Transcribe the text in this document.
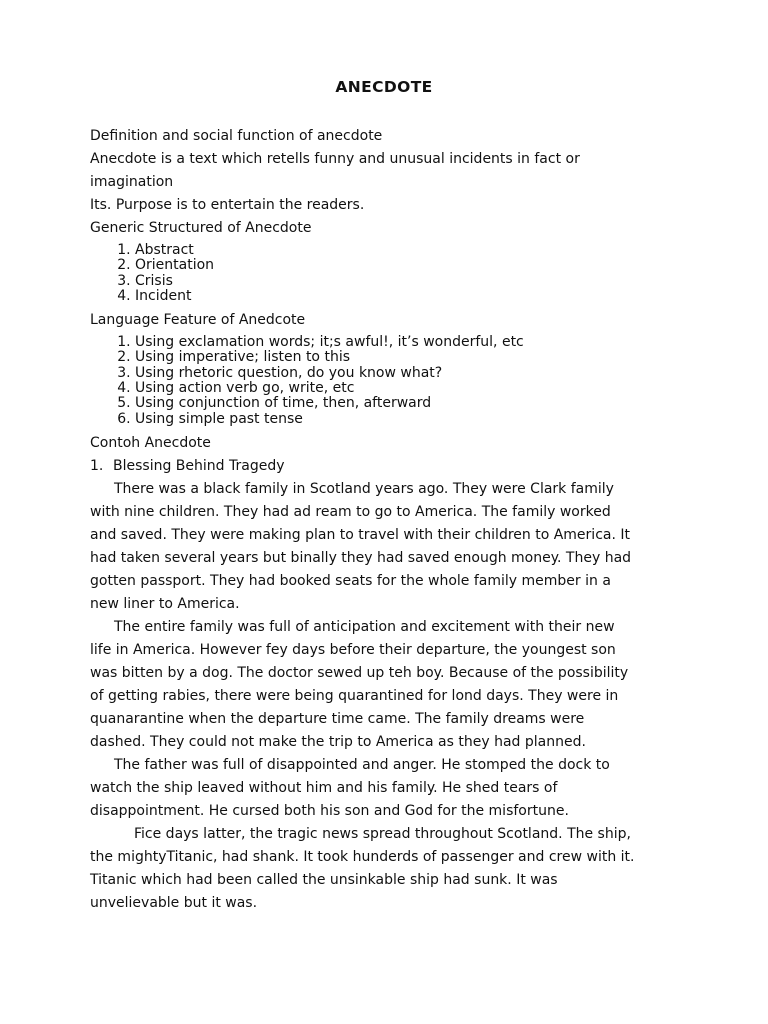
ANECDOTE
Definition and social function of anecdote
Anecdote is a text which retells funny and unusual incidents in fact or
imagination
Its. Purpose is to entertain the readers.
Generic Structured of Anecdote
1. Abstract
2. Orientation
3. Crisis
4. Incident
Language Feature of Anedcote
1. Using exclamation words; it;s awful!, it’s wonderful, etc
2. Using imperative; listen to this
3. Using rhetoric question, do you know what?
4. Using action verb go, write, etc
5. Using conjunction of time, then, afterward
6. Using simple past tense
Contoh Anecdote
1. Blessing Behind Tragedy
There was a black family in Scotland years ago. They were Clark family
with nine children. They had ad ream to go to America. The family worked
and saved. They were making plan to travel with their children to America. It
had taken several years but binally they had saved enough money. They had
gotten passport. They had booked seats for the whole family member in a
new liner to America.
The entire family was full of anticipation and excitement with their new
life in America. However fey days before their departure, the youngest son
was bitten by a dog. The doctor sewed up teh boy. Because of the possibility
of getting rabies, there were being quarantined for lond days. They were in
quanarantine when the departure time came. The family dreams were
dashed. They could not make the trip to America as they had planned.
The father was full of disappointed and anger. He stomped the dock to
watch the ship leaved without him and his family. He shed tears of
disappointment. He cursed both his son and God for the misfortune.
Fice days latter, the tragic news spread throughout Scotland. The ship,
the mightyTitanic, had shank. It took hunderds of passenger and crew with it.
Titanic which had been called the unsinkable ship had sunk. It was
unvelievable but it was.
